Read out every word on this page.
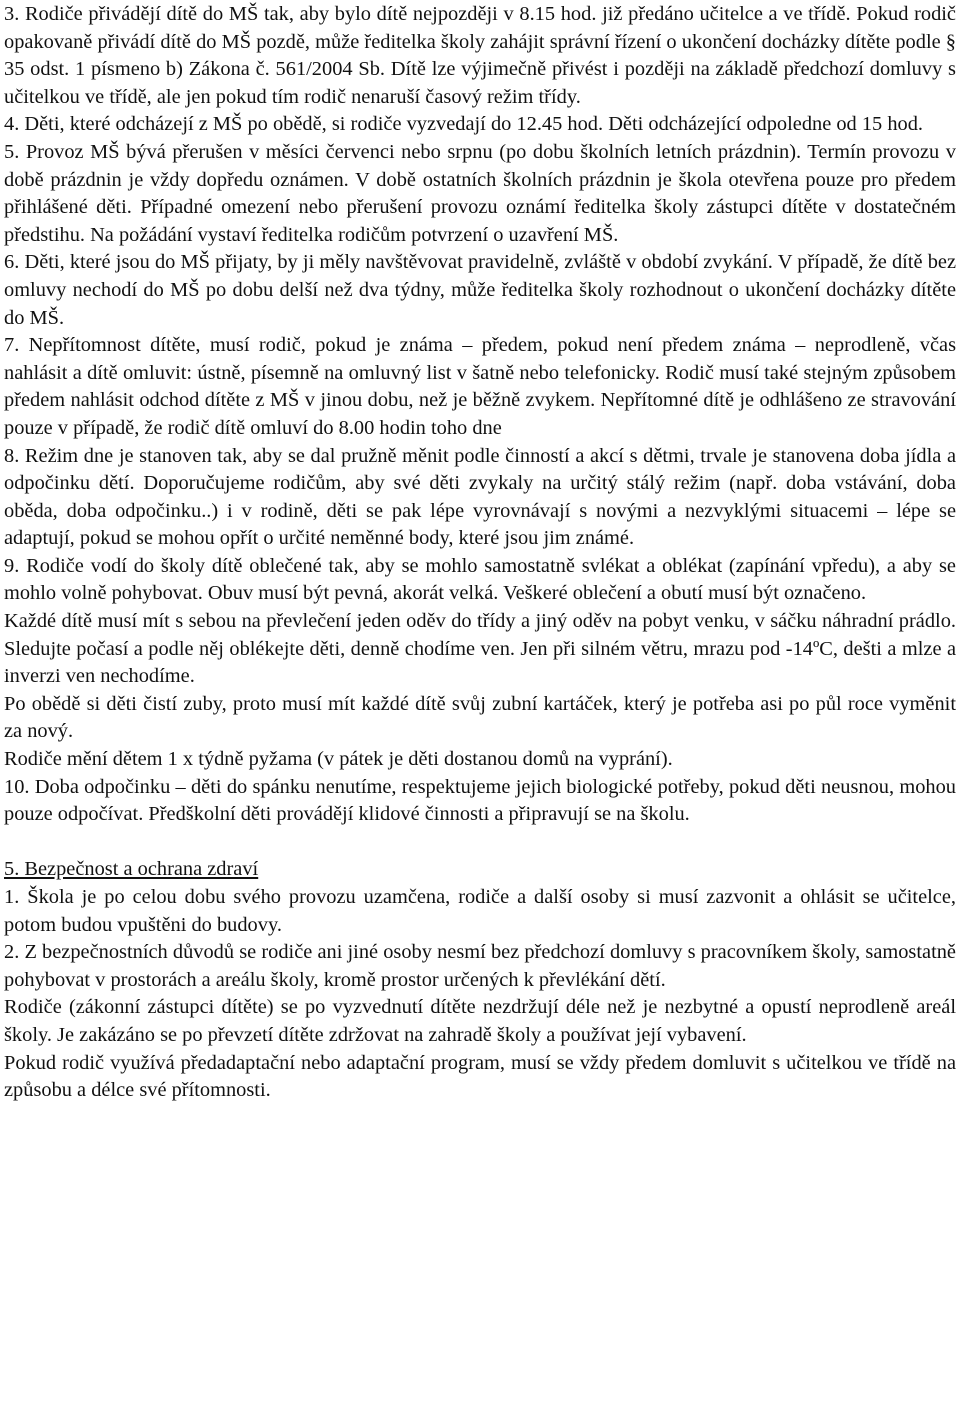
3. Rodiče přivádějí dítě do MŠ tak, aby bylo dítě nejpozději v 8.15 hod. již předáno učitelce a ve třídě. Pokud rodič opakovaně přivádí dítě do MŠ pozdě, může ředitelka školy zahájit správní řízení o ukončení docházky dítěte podle § 35 odst. 1 písmeno b) Zákona č. 561/2004 Sb. Dítě lze výjimečně přivést i později na základě předchozí domluvy s učitelkou ve třídě, ale jen pokud tím rodič nenaruší časový režim třídy.

4. Děti, které odcházejí z MŠ po obědě, si rodiče vyzvedají do 12.45 hod. Děti odcházející odpoledne od 15 hod.

5. Provoz MŠ bývá přerušen v měsíci červenci nebo srpnu (po dobu školních letních prázdnin). Termín provozu v době prázdnin je vždy dopředu oznámen. V době ostatních školních prázdnin je škola otevřena pouze pro předem přihlášené děti. Případné omezení nebo přerušení provozu oznámí ředitelka školy zástupci dítěte v dostatečném předstihu. Na požádání vystaví ředitelka rodičům potvrzení o uzavření MŠ.

6. Děti, které jsou do MŠ přijaty, by ji měly navštěvovat pravidelně, zvláště v období zvykání. V případě, že dítě bez omluvy nechodí do MŠ po dobu delší než dva týdny, může ředitelka školy rozhodnout o ukončení docházky dítěte do MŠ.

7. Nepřítomnost dítěte, musí rodič, pokud je známa – předem, pokud není předem známa – neprodleně, včas nahlásit a dítě omluvit: ústně, písemně na omluvný list v šatně nebo telefonicky. Rodič musí také stejným způsobem předem nahlásit odchod dítěte z MŠ v jinou dobu, než je běžně zvykem. Nepřítomné dítě je odhlášeno ze stravování pouze v případě, že rodič dítě omluví do 8.00 hodin toho dne

8. Režim dne je stanoven tak, aby se dal pružně měnit podle činností a akcí s dětmi, trvale je stanovena doba jídla a odpočinku dětí. Doporučujeme rodičům, aby své děti zvykaly na určitý stálý režim (např. doba vstávání, doba oběda, doba odpočinku..) i v rodině, děti se pak lépe vyrovnávají s novými a nezvyklými situacemi – lépe se adaptují, pokud se mohou opřít o určité neměnné body, které jsou jim známé.

9. Rodiče vodí do školy dítě oblečené tak, aby se mohlo samostatně svlékat a oblékat (zapínání vpředu), a aby se mohlo volně pohybovat. Obuv musí být pevná, akorát velká. Veškeré oblečení a obutí musí být označeno.

Každé dítě musí mít s sebou na převlečení jeden oděv do třídy a jiný oděv na pobyt venku, v sáčku náhradní prádlo. Sledujte počasí a podle něj oblékejte děti, denně chodíme ven. Jen při silném větru, mrazu pod -14ºC, dešti a mlze a inverzi ven nechodíme.

Po obědě si děti čistí zuby, proto musí mít každé dítě svůj zubní kartáček, který je potřeba asi po půl roce vyměnit za nový.

Rodiče mění dětem 1 x týdně pyžama (v pátek je děti dostanou domů na vyprání).

10. Doba odpočinku – děti do spánku nenutíme, respektujeme jejich biologické potřeby, pokud děti neusnou, mohou pouze odpočívat. Předškolní děti provádějí klidové činnosti a připravují se na školu.

5. Bezpečnost a ochrana zdraví

1. Škola je po celou dobu svého provozu uzamčena, rodiče a další osoby si musí zazvonit a ohlásit se učitelce, potom budou vpuštěni do budovy.

2. Z bezpečnostních důvodů se rodiče ani jiné osoby nesmí bez předchozí domluvy s pracovníkem školy, samostatně pohybovat v prostorách a areálu školy, kromě prostor určených k převlékání dětí.

Rodiče (zákonní zástupci dítěte) se po vyzvednutí dítěte nezdržují déle než je nezbytné a opustí neprodleně areál školy. Je zakázáno se po převzetí dítěte zdržovat na zahradě školy a používat její vybavení.

Pokud rodič využívá předadaptační nebo adaptační program, musí se vždy předem domluvit s učitelkou ve třídě na způsobu a délce své přítomnosti.
